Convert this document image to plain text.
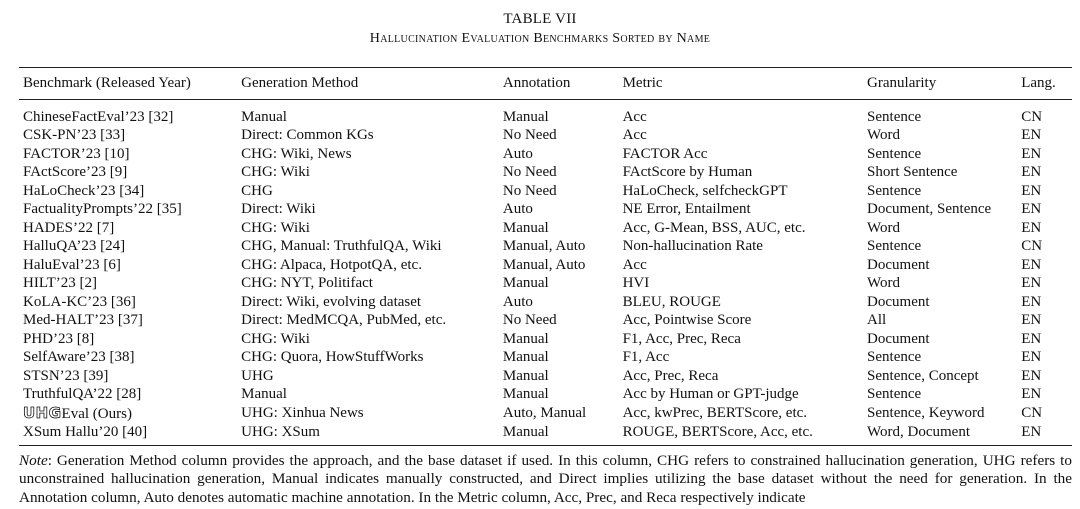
TABLE VII
Hallucination Evaluation Benchmarks Sorted by Name
Benchmark (Released Year)	Generation Method	Annotation	Metric	Granularity	Lang.
ChineseFactEval’23 [32]	Manual	Manual	Acc	Sentence	CN
CSK-PN’23 [33]	Direct: Common KGs	No Need	Acc	Word	EN
FACTOR’23 [10]	CHG: Wiki, News	Auto	FACTOR Acc	Sentence	EN
FActScore’23 [9]	CHG: Wiki	No Need	FActScore by Human	Short Sentence	EN
HaLoCheck’23 [34]	CHG	No Need	HaLoCheck, selfcheckGPT	Sentence	EN
FactualityPrompts’22 [35]	Direct: Wiki	Auto	NE Error, Entailment	Document, Sentence	EN
HADES’22 [7]	CHG: Wiki	Manual	Acc, G-Mean, BSS, AUC, etc.	Word	EN
HalluQA’23 [24]	CHG, Manual: TruthfulQA, Wiki	Manual, Auto	Non-hallucination Rate	Sentence	CN
HaluEval’23 [6]	CHG: Alpaca, HotpotQA, etc.	Manual, Auto	Acc	Document	EN
HILT’23 [2]	CHG: NYT, Politifact	Manual	HVI	Word	EN
KoLA-KC’23 [36]	Direct: Wiki, evolving dataset	Auto	BLEU, ROUGE	Document	EN
Med-HALT’23 [37]	Direct: MedMCQA, PubMed, etc.	No Need	Acc, Pointwise Score	All	EN
PHD’23 [8]	CHG: Wiki	Manual	F1, Acc, Prec, Reca	Document	EN
SelfAware’23 [38]	CHG: Quora, HowStuffWorks	Manual	F1, Acc	Sentence	EN
STSN’23 [39]	UHG	Manual	Acc, Prec, Reca	Sentence, Concept	EN
TruthfulQA’22 [28]	Manual	Manual	Acc by Human or GPT-judge	Sentence	EN
UHGEval (Ours)	UHG: Xinhua News	Auto, Manual	Acc, kwPrec, BERTScore, etc.	Sentence, Keyword	CN
XSum Hallu’20 [40]	UHG: XSum	Manual	ROUGE, BERTScore, Acc, etc.	Word, Document	EN
Note: Generation Method column provides the approach, and the base dataset if used. In this column, CHG refers to constrained hallucination generation, UHG refers to unconstrained hallucination generation, Manual indicates manually constructed, and Direct implies utilizing the base dataset without the need for generation. In the Annotation column, Auto denotes automatic machine annotation. In the Metric column, Acc, Prec, and Reca respectively indicate
